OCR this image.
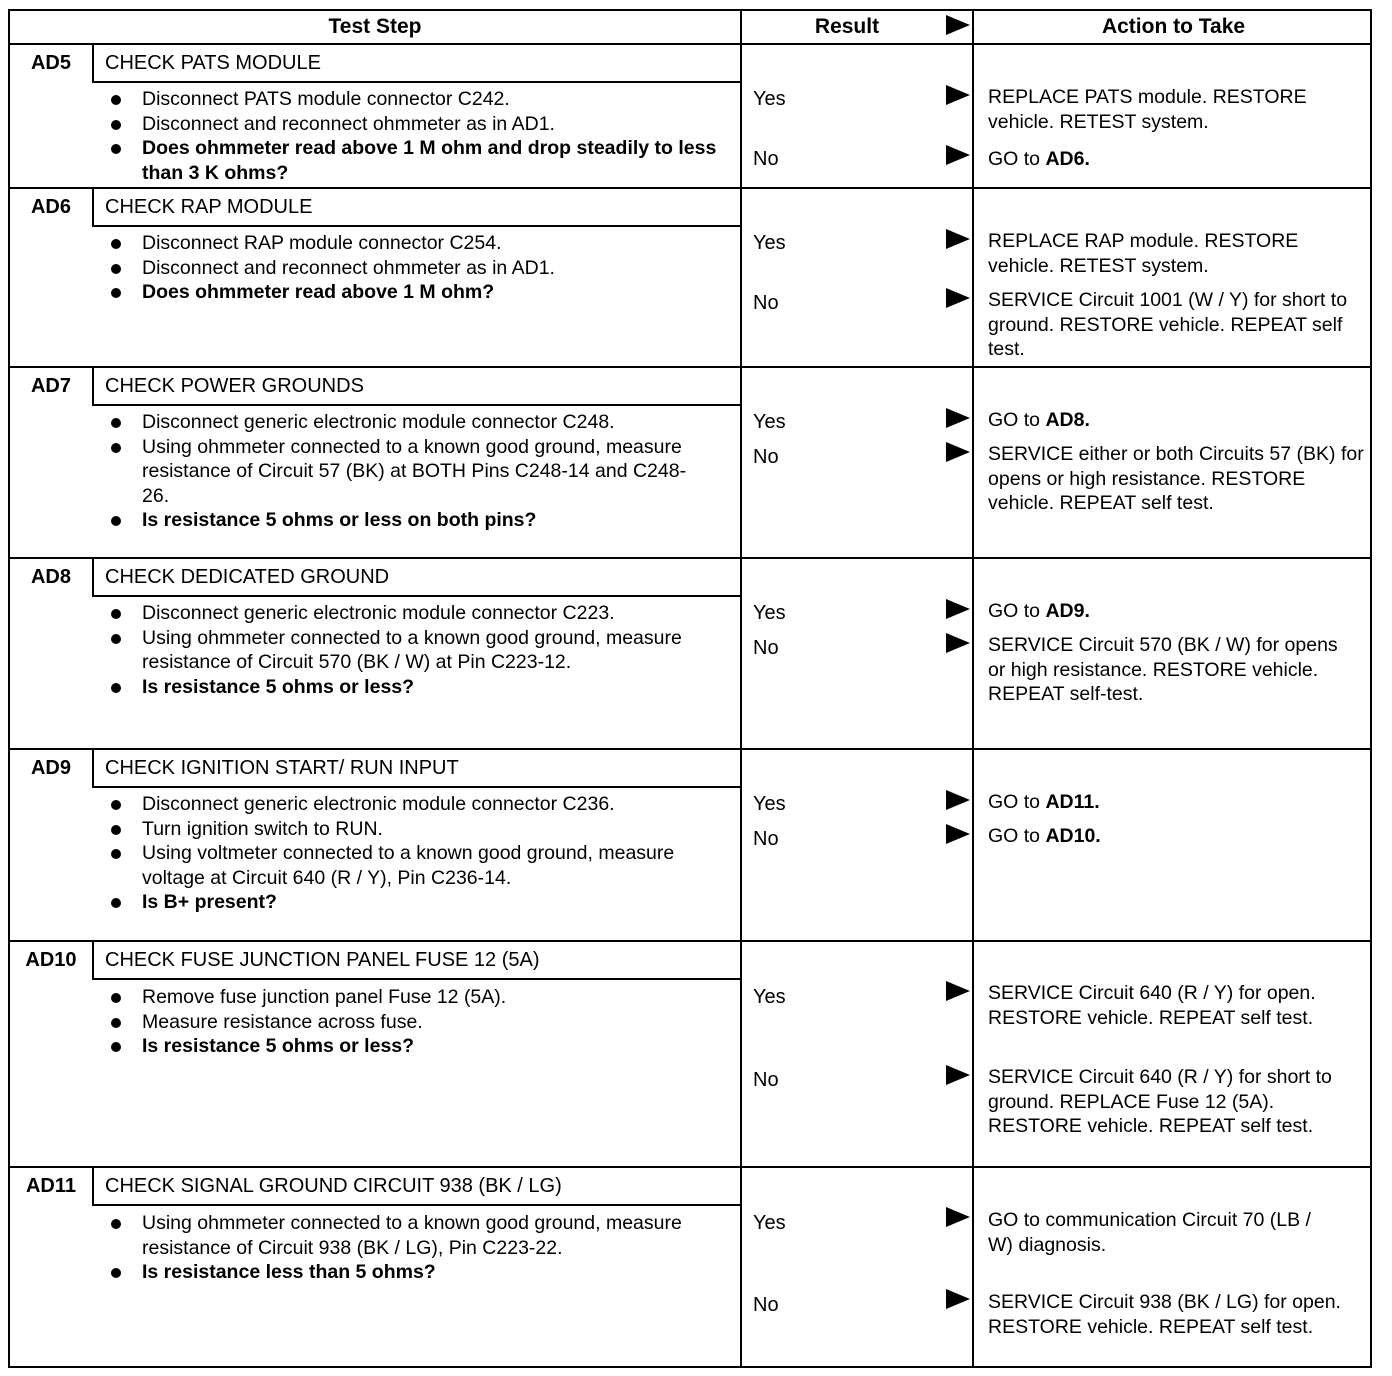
Test Step	Result	Action to Take
AD5	CHECK PATS MODULE
Disconnect PATS module connector C242.
Disconnect and reconnect ohmmeter as in AD1.
Does ohmmeter read above 1 M ohm and drop steadily to less than 3 K ohms?
Yes	REPLACE PATS module. RESTORE vehicle. RETEST system.
No	GO to AD6.
AD6	CHECK RAP MODULE
Disconnect RAP module connector C254.
Disconnect and reconnect ohmmeter as in AD1.
Does ohmmeter read above 1 M ohm?
Yes	REPLACE RAP module. RESTORE vehicle. RETEST system.
No	SERVICE Circuit 1001 (W / Y) for short to ground. RESTORE vehicle. REPEAT self test.
AD7	CHECK POWER GROUNDS
Disconnect generic electronic module connector C248.
Using ohmmeter connected to a known good ground, measure resistance of Circuit 57 (BK) at BOTH Pins C248-14 and C248-26.
Is resistance 5 ohms or less on both pins?
Yes	GO to AD8.
No	SERVICE either or both Circuits 57 (BK) for opens or high resistance. RESTORE vehicle. REPEAT self test.
AD8	CHECK DEDICATED GROUND
Disconnect generic electronic module connector C223.
Using ohmmeter connected to a known good ground, measure resistance of Circuit 570 (BK / W) at Pin C223-12.
Is resistance 5 ohms or less?
Yes	GO to AD9.
No	SERVICE Circuit 570 (BK / W) for opens or high resistance. RESTORE vehicle. REPEAT self-test.
AD9	CHECK IGNITION START/ RUN INPUT
Disconnect generic electronic module connector C236.
Turn ignition switch to RUN.
Using voltmeter connected to a known good ground, measure voltage at Circuit 640 (R / Y), Pin C236-14.
Is B+ present?
Yes	GO to AD11.
No	GO to AD10.
AD10	CHECK FUSE JUNCTION PANEL FUSE 12 (5A)
Remove fuse junction panel Fuse 12 (5A).
Measure resistance across fuse.
Is resistance 5 ohms or less?
Yes	SERVICE Circuit 640 (R / Y) for open. RESTORE vehicle. REPEAT self test.
No	SERVICE Circuit 640 (R / Y) for short to ground. REPLACE Fuse 12 (5A). RESTORE vehicle. REPEAT self test.
AD11	CHECK SIGNAL GROUND CIRCUIT 938 (BK / LG)
Using ohmmeter connected to a known good ground, measure resistance of Circuit 938 (BK / LG), Pin C223-22.
Is resistance less than 5 ohms?
Yes	GO to communication Circuit 70 (LB / W) diagnosis.
No	SERVICE Circuit 938 (BK / LG) for open. RESTORE vehicle. REPEAT self test.
